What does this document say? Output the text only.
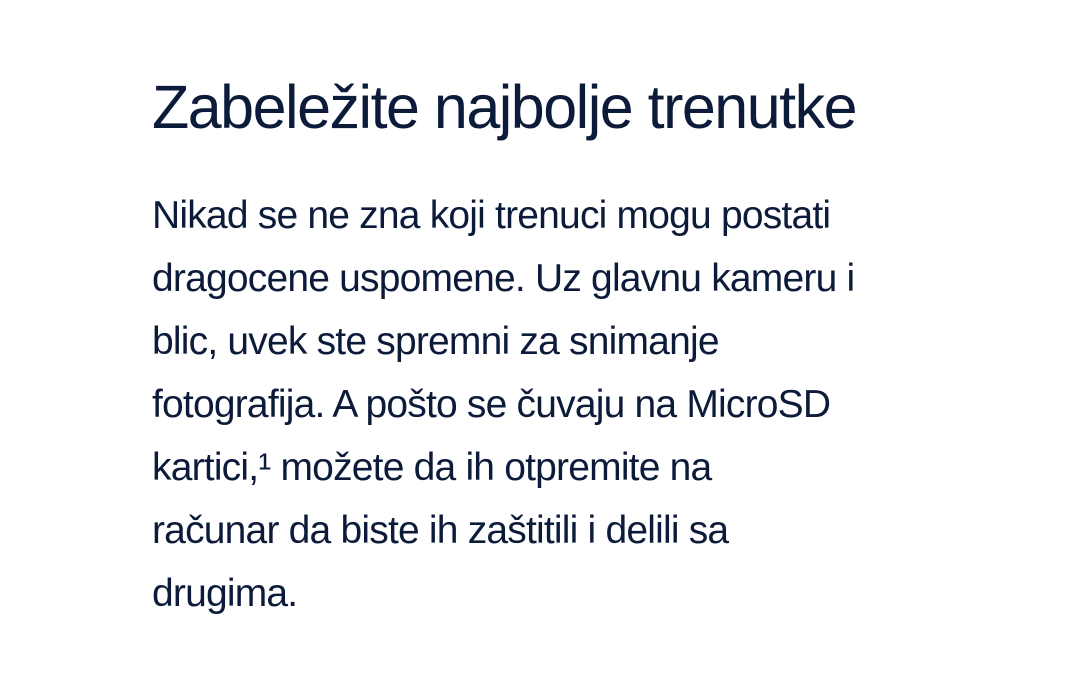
Zabeležite najbolje trenutke
Nikad se ne zna koji trenuci mogu postati
dragocene uspomene. Uz glavnu kameru i
blic, uvek ste spremni za snimanje
fotografija. A pošto se čuvaju na MicroSD
kartici,¹ možete da ih otpremite na
računar da biste ih zaštitili i delili sa
drugima.
